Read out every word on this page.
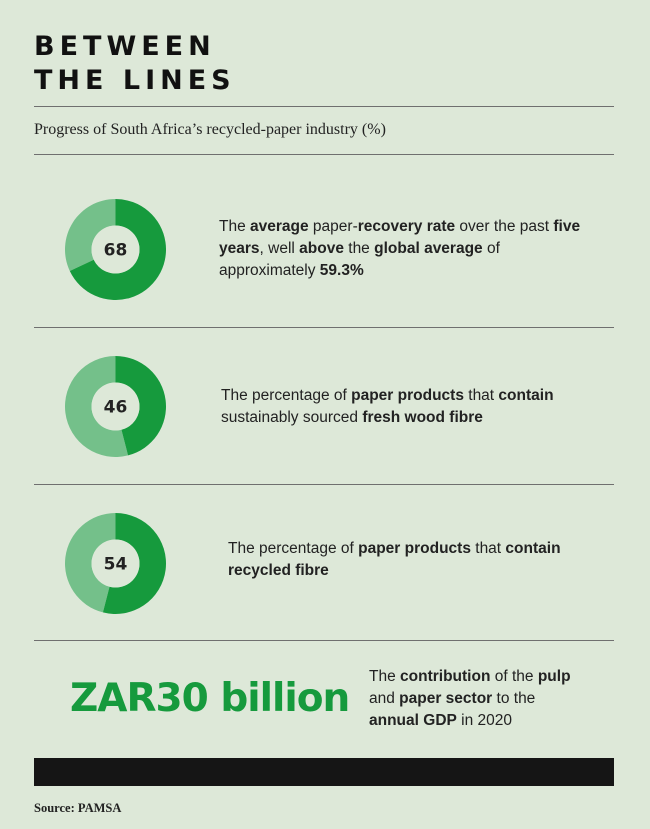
BETWEEN
THE LINES
Progress of South Africa’s recycled-paper industry (%)
68
The average paper-recovery rate over the past five years, well above the global average of approximately 59.3%
46
The percentage of paper products that contain sustainably sourced fresh wood fibre
54
The percentage of paper products that contain recycled fibre
ZAR30 billion The contribution of the pulp and paper sector to the annual GDP in 2020
Source: PAMSA
